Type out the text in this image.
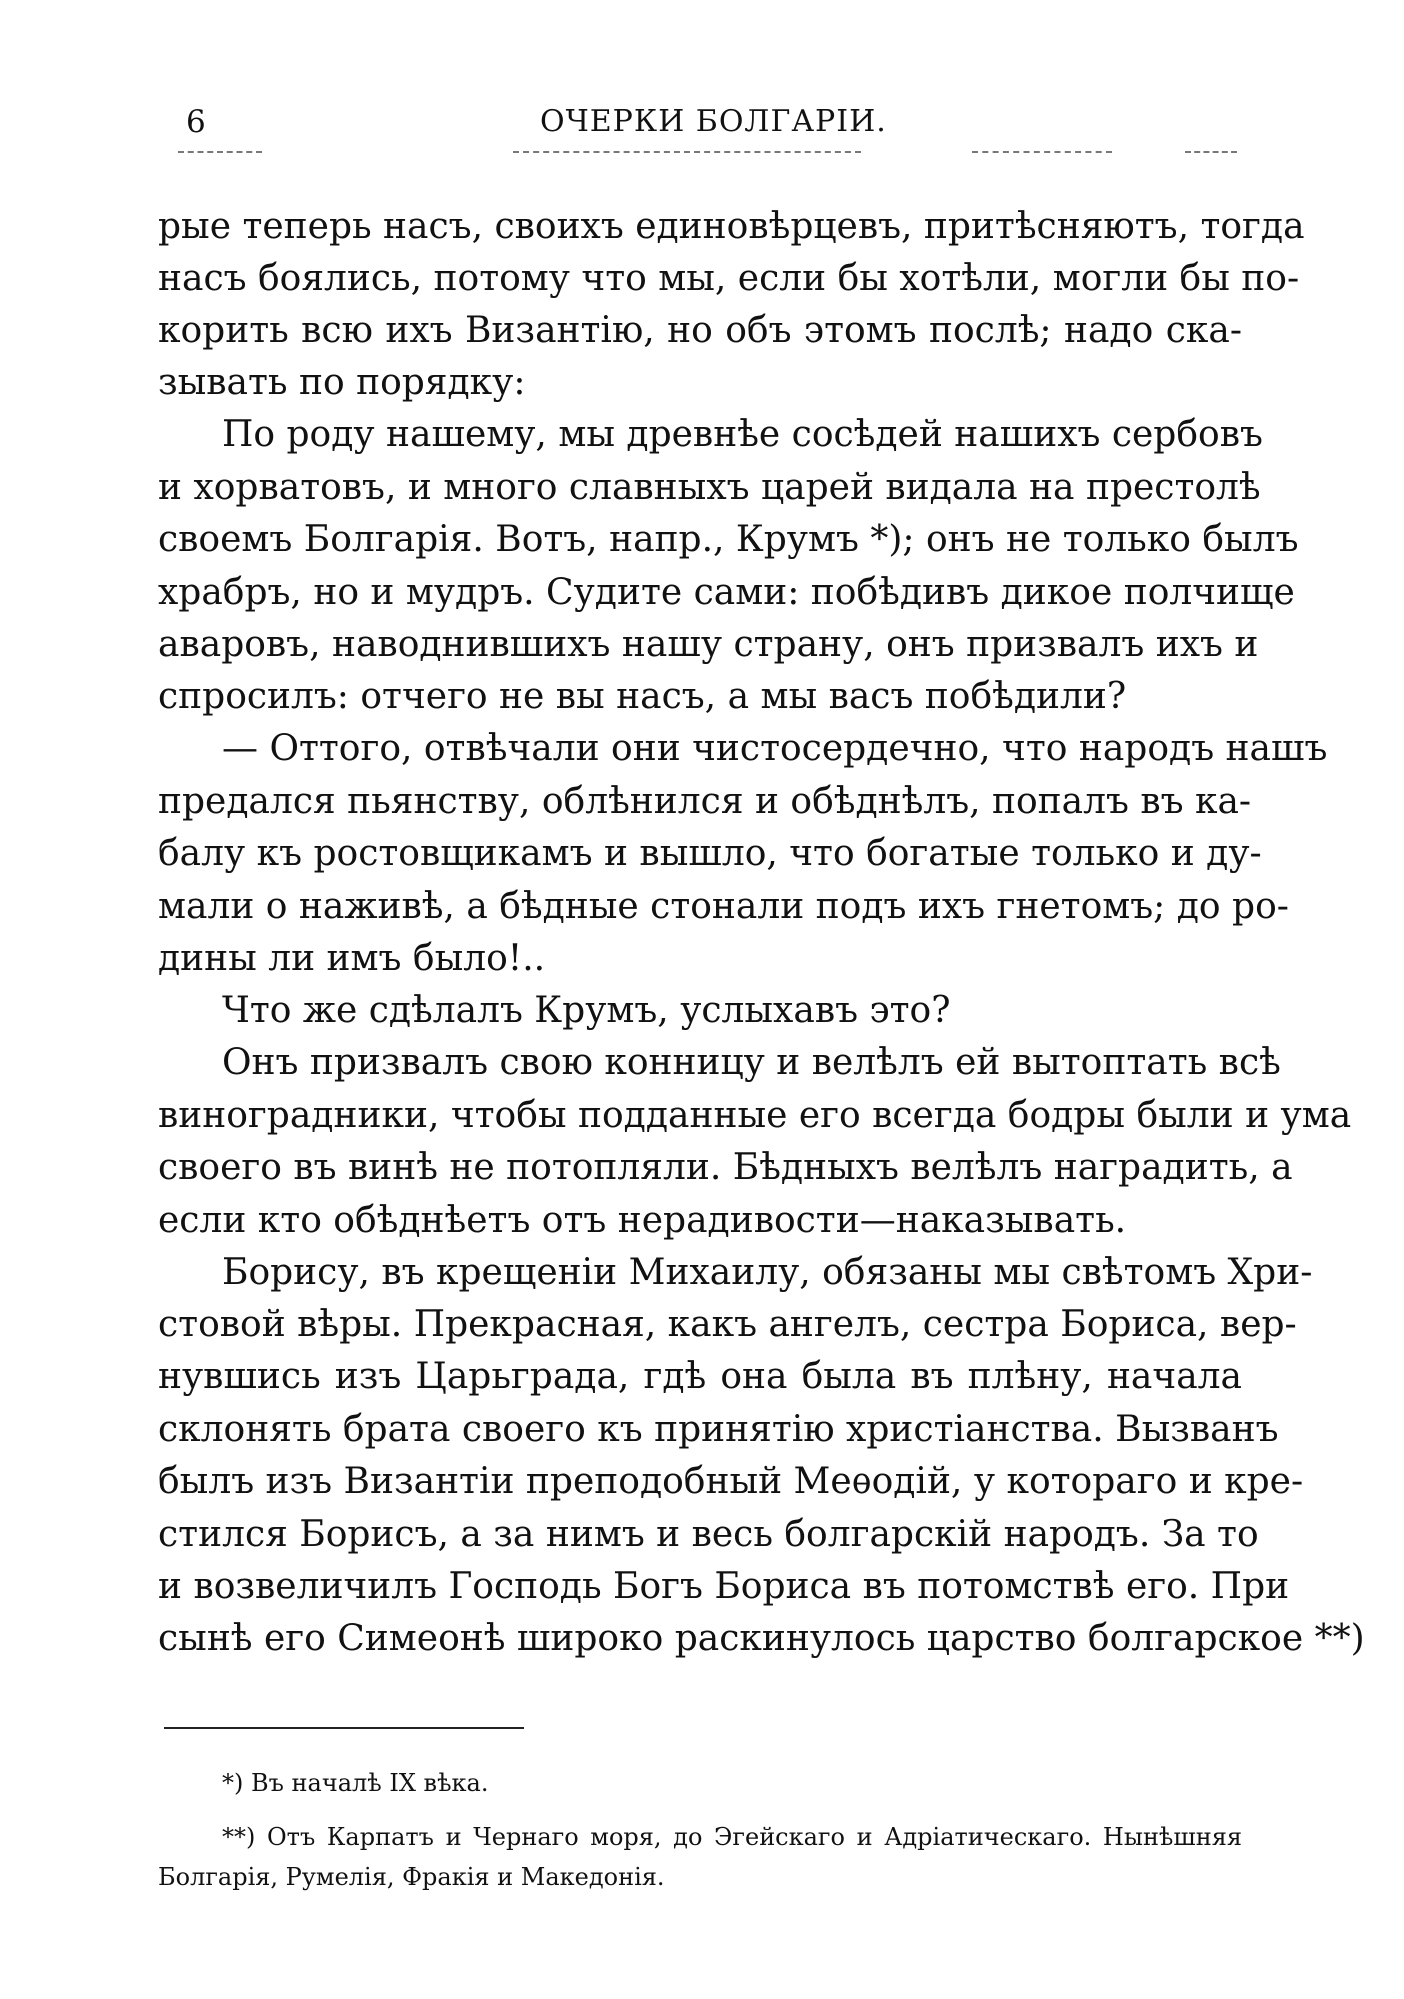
6	ОЧЕРКИ БОЛГАРIИ.
рые теперь насъ, своихъ единовѣрцевъ, притѣсняютъ, тогда
насъ боялись, потому что мы, если бы хотѣли, могли бы по-
корить всю ихъ Византію, но объ этомъ послѣ; надо ска-
зывать по порядку:
По роду нашему, мы древнѣе сосѣдей нашихъ сербовъ
и хорватовъ, и много славныхъ царей видала на престолѣ
своемъ Болгарія. Вотъ, напр., Крумъ *); онъ не только былъ
храбръ, но и мудръ. Судите сами: побѣдивъ дикое полчище
аваровъ, наводнившихъ нашу страну, онъ призвалъ ихъ и
спросилъ: отчего не вы насъ, а мы васъ побѣдили?
— Оттого, отвѣчали они чистосердечно, что народъ нашъ
предался пьянству, облѣнился и обѣднѣлъ, попалъ въ ка-
балу къ ростовщикамъ и вышло, что богатые только и ду-
мали о наживѣ, а бѣдные стонали подъ ихъ гнетомъ; до ро-
дины ли имъ было!..
Что же сдѣлалъ Крумъ, услыхавъ это?
Онъ призвалъ свою конницу и велѣлъ ей вытоптать всѣ
виноградники, чтобы подданные его всегда бодры были и ума
своего въ винѣ не потопляли. Бѣдныхъ велѣлъ наградить, а
если кто обѣднѣетъ отъ нерадивости—наказывать.
Борису, въ крещеніи Михаилу, обязаны мы свѣтомъ Хри-
стовой вѣры. Прекрасная, какъ ангелъ, сестра Бориса, вер-
нувшись изъ Царьграда, гдѣ она была въ плѣну, начала
склонять брата своего къ принятію христіанства. Вызванъ
былъ изъ Византіи преподобный Меѳодій, у котораго и кре-
стился Борисъ, а за нимъ и весь болгарскій народъ. За то
и возвеличилъ Господь Богъ Бориса въ потомствѣ его. При
сынѣ его Симеонѣ широко раскинулось царство болгарское **)
*) Въ началѣ IX вѣка.
**) Отъ Карпатъ и Чернаго моря, до Эгейскаго и Адріатическаго. Нынѣшняя
Болгарія, Румелія, Фракія и Македонія.
